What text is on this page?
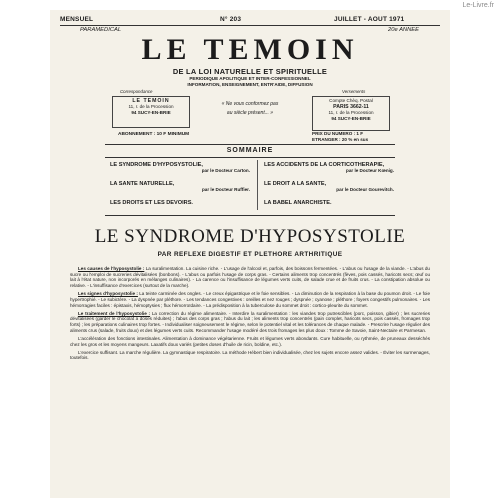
Le-Livre.fr
MENSUEL	N° 203	JUILLET - AOUT 1971
PARAMEDICAL	20e ANNEE
LE TEMOIN
DE LA LOI NATURELLE ET SPIRITUELLE
PERIODIQUE APOLITIQUE ET INTER-CONFESSIONNEL
INFORMATION, ENSEIGNEMENT, ENTR'AIDE, DIFFUSION
Correspondance
LE TEMOIN
11, r. de la Procession
94 SUCY-EN-BRIE
« Ne vous conformez pas
au siècle présent... »
Versements
Compte Chèq. Postal
PARIS 3662-11
11, r. de la Procession
94 SUCY-EN-BRIE
ABONNEMENT : 10 F MINIMUM	PRIX DU NUMERO : 1 F
ETRANGER : 20 % en sus
SOMMAIRE
LE SYNDROME D'HYPOSYSTOLIE,
par le Docteur Carton.
LA SANTE NATURELLE,
par le Docteur Ruffier.
LES DROITS ET LES DEVOIRS.
LES ACCIDENTS DE LA CORTICOTHERAPIE,
par le Docteur Kœnig.
LE DROIT A LA SANTE,
par le Docteur Gourevitch.
LA BABEL ANARCHISTE.
LE SYNDROME D'HYPOSYSTOLIE
PAR REFLEXE DIGESTIF ET PLETHORE ARTHRITIQUE

Les causes de l'hyposystolie : La suralimentation. La cuisine riche. - L'usage de l'alcool et, parfois, des boissons fermentées. - L'abus ou l'usage de la viande. - L'abus du sucre ou l'emploi de sucreries dévitalisées (bonbons). - L'abus ou parfois l'usage de corps gras. - Certains aliments trop concentrés (fèves, pois cassés, haricots secs; œuf ou lait à l'état nature, non incorporés en mélanges culinaires). - La carence ou l'insuffisance de légumes verts cuits, de salade crue et de fruits crus. - La constipation absolue ou relative. - L'insuffisance d'exercices (surtout de la marche).

Les signes d'hyposystolie : La teinte carminée des ongles. - Le creux épigastrique et le foie sensibles. - La diminution de la respiration à la base du poumon droit. - Le foie hypertrophié. - Le subictère. - La dyspnée par pléthore. - Les tendances congestives : oreilles et nez rouges ; dyspnée ; cyanose ; pléthore ; foyers congestifs pulmonaires. - Les hémorragies faciles : épistaxis, hémoptysies ; flux hémorroïdaire. - La prédisposition à la tuberculose du sommet droit : cortico-pleurite du sommet.

Le traitement de l'hyposystolie : La correction du régime alimentaire. - Interdire la suralimentation : les viandes trop putrescibles (porc, poisson, gibier) ; les sucreries dévitalisées (garder le chocolat à doses réduites) ; l'abus des corps gras ; l'abus du lait ; les aliments trop concentrés (pain complet, haricots secs, pois cassés, fromages trop forts) ; les préparations culinaires trop fortes. - Individualiser soigneusement le régime, selon le potentiel vital et les tolérances de chaque malade. - Prescrire l'usage régulier des aliments crus (salade, fruits doux) et des légumes verts cuits. Recommander l'usage modéré des trois fromages les plus doux : Tomme de Savoie, Saint-Nectaire et Parmesan.

L'accélération des fonctions intestinales. Alimentation à dominance végétarienne. Fruits et légumes verts abondants. Cure habituelle, ou rythmée, de pruneaux desséchés chez les gros et les moyens mangeurs. Laxatifs doux variés (petites doses d'huile de ricin, boldine, etc.).

L'exercice suffisant. La marche régulière. La gymnastique respiratoire. La méthode Hébert bien individualisée, chez les sujets encore assez valides. - Éviter les surmenages, toutefois.
